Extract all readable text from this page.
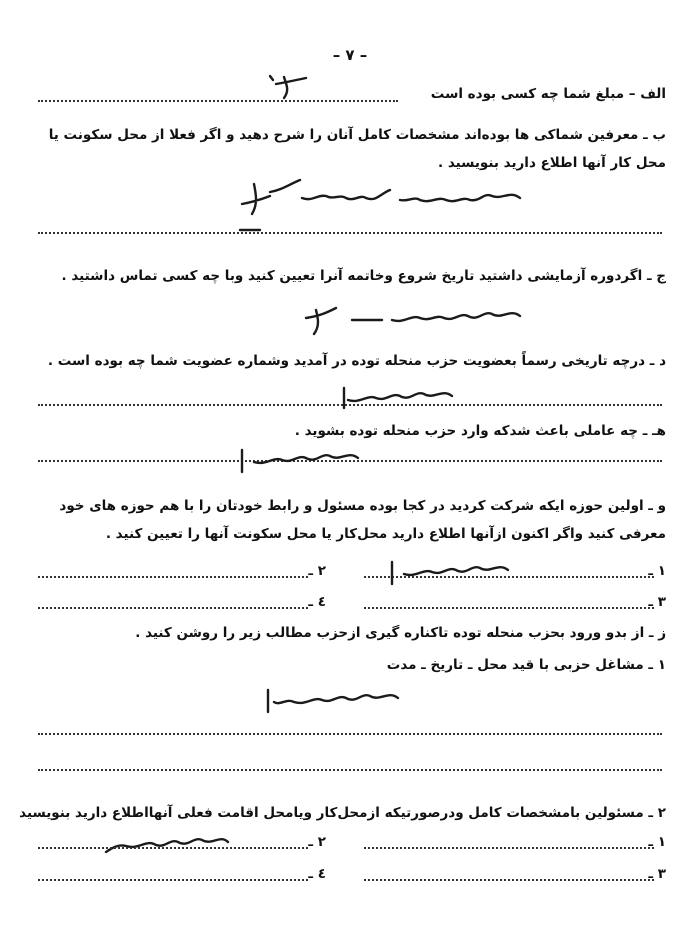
– ۷ –
الف – مبلغ شما چه کسی بوده است
ب ـ معرفین شماکی ها بوده‌اند مشخصات کامل آنان را شرح دهید و اگر فعلا از محل سکونت یا
محل کار آنها اطلاع دارید بنویسید .
ج ـ اگردوره آزمایشی داشتید تاریخ شروع وخاتمه آنرا تعیین کنید وبا چه کسی تماس داشتید .
د ـ درچه تاریخی رسماً بعضویت حزب منحله توده در آمدید وشماره عضویت شما چه بوده است .
هـ ـ چه عاملی باعث شدکه وارد حزب منحله توده بشوید .
و ـ اولین حوزه ایکه شرکت کردید در کجا بوده مسئول و رابط خودتان را با هم حوزه های خود
معرفی کنید واگر اکنون ازآنها اطلاع دارید محل‌کار یا محل سکونت آنها را تعیین کنید .
۱ ـ
۲ ـ
۳ ـ
٤ ـ
ز ـ از بدو ورود بحزب منحله توده تاکناره گیری ازحزب مطالب زیر را روشن کنید .
۱ ـ مشاغل حزبی با قید محل ـ تاریخ ـ مدت
۲ ـ مسئولین بامشخصات کامل ودرصورتیکه ازمحل‌کار ویامحل اقامت فعلی آنهااطلاع دارید بنویسید
۱ ـ
۲ ـ
۳ ـ
٤ ـ
